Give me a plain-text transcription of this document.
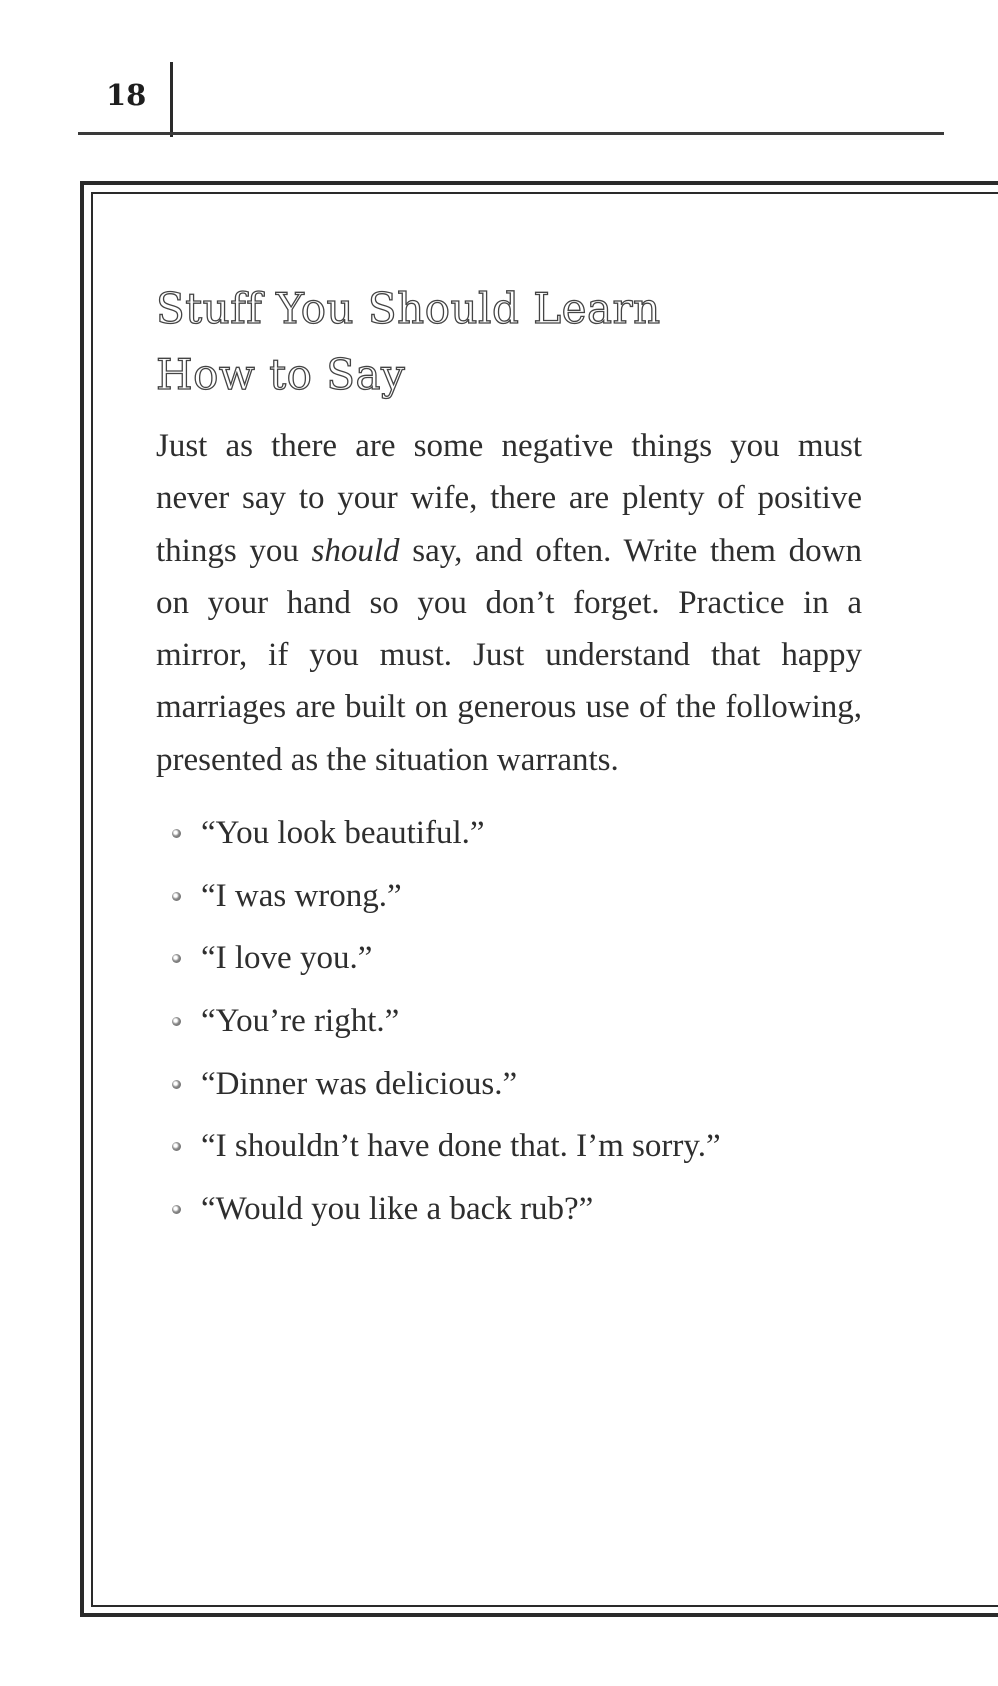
18
Stuff You Should Learn
How to Say

Just as there are some negative things you must never say to your wife, there are plenty of positive things you should say, and often. Write them down on your hand so you don’t forget. Practice in a mirror, if you must. Just understand that happy marriages are built on generous use of the following, presented as the situation warrants.

“You look beautiful.”
“I was wrong.”
“I love you.”
“You’re right.”
“Dinner was delicious.”
“I shouldn’t have done that. I’m sorry.”
“Would you like a back rub?”
